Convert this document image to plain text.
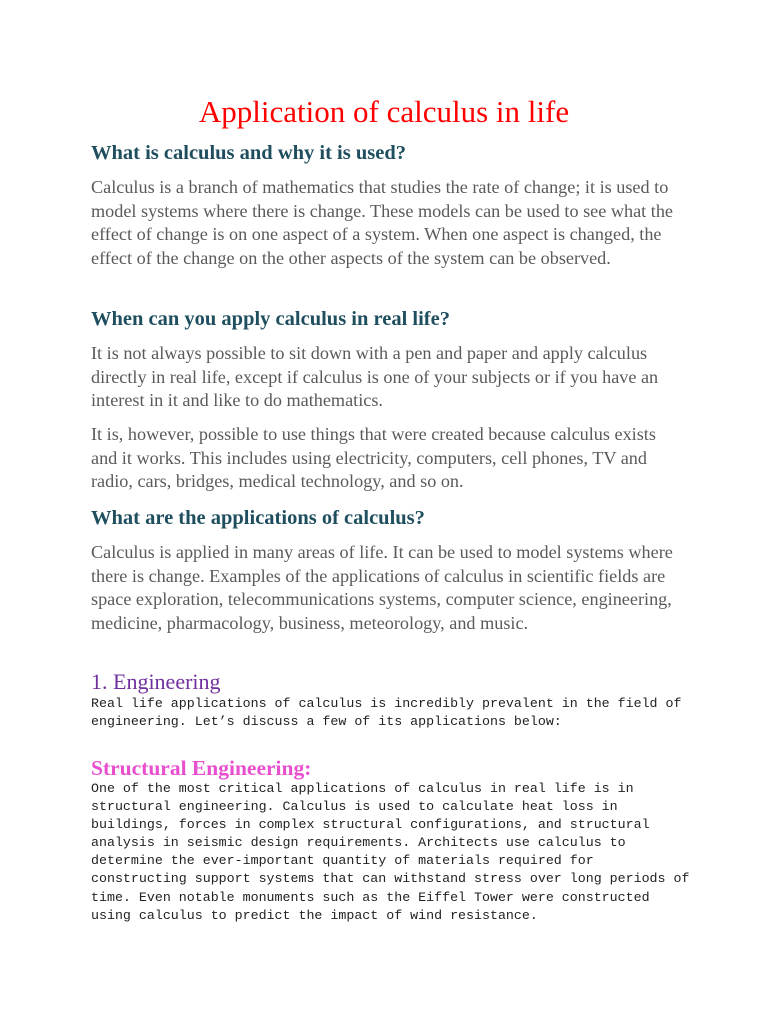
Application of calculus in life
What is calculus and why it is used?
Calculus is a branch of mathematics that studies the rate of change; it is used to model systems where there is change. These models can be used to see what the effect of change is on one aspect of a system. When one aspect is changed, the effect of the change on the other aspects of the system can be observed.
When can you apply calculus in real life?
It is not always possible to sit down with a pen and paper and apply calculus directly in real life, except if calculus is one of your subjects or if you have an interest in it and like to do mathematics.
It is, however, possible to use things that were created because calculus exists and it works. This includes using electricity, computers, cell phones, TV and radio, cars, bridges, medical technology, and so on.
What are the applications of calculus?
Calculus is applied in many areas of life. It can be used to model systems where there is change. Examples of the applications of calculus in scientific fields are space exploration, telecommunications systems, computer science, engineering, medicine, pharmacology, business, meteorology, and music.
1. Engineering
Real life applications of calculus is incredibly prevalent in the field of engineering. Let’s discuss a few of its applications below:
Structural Engineering:
One of the most critical applications of calculus in real life is in structural engineering. Calculus is used to calculate heat loss in buildings, forces in complex structural configurations, and structural analysis in seismic design requirements. Architects use calculus to determine the ever-important quantity of materials required for constructing support systems that can withstand stress over long periods of time. Even notable monuments such as the Eiffel Tower were constructed using calculus to predict the impact of wind resistance.
